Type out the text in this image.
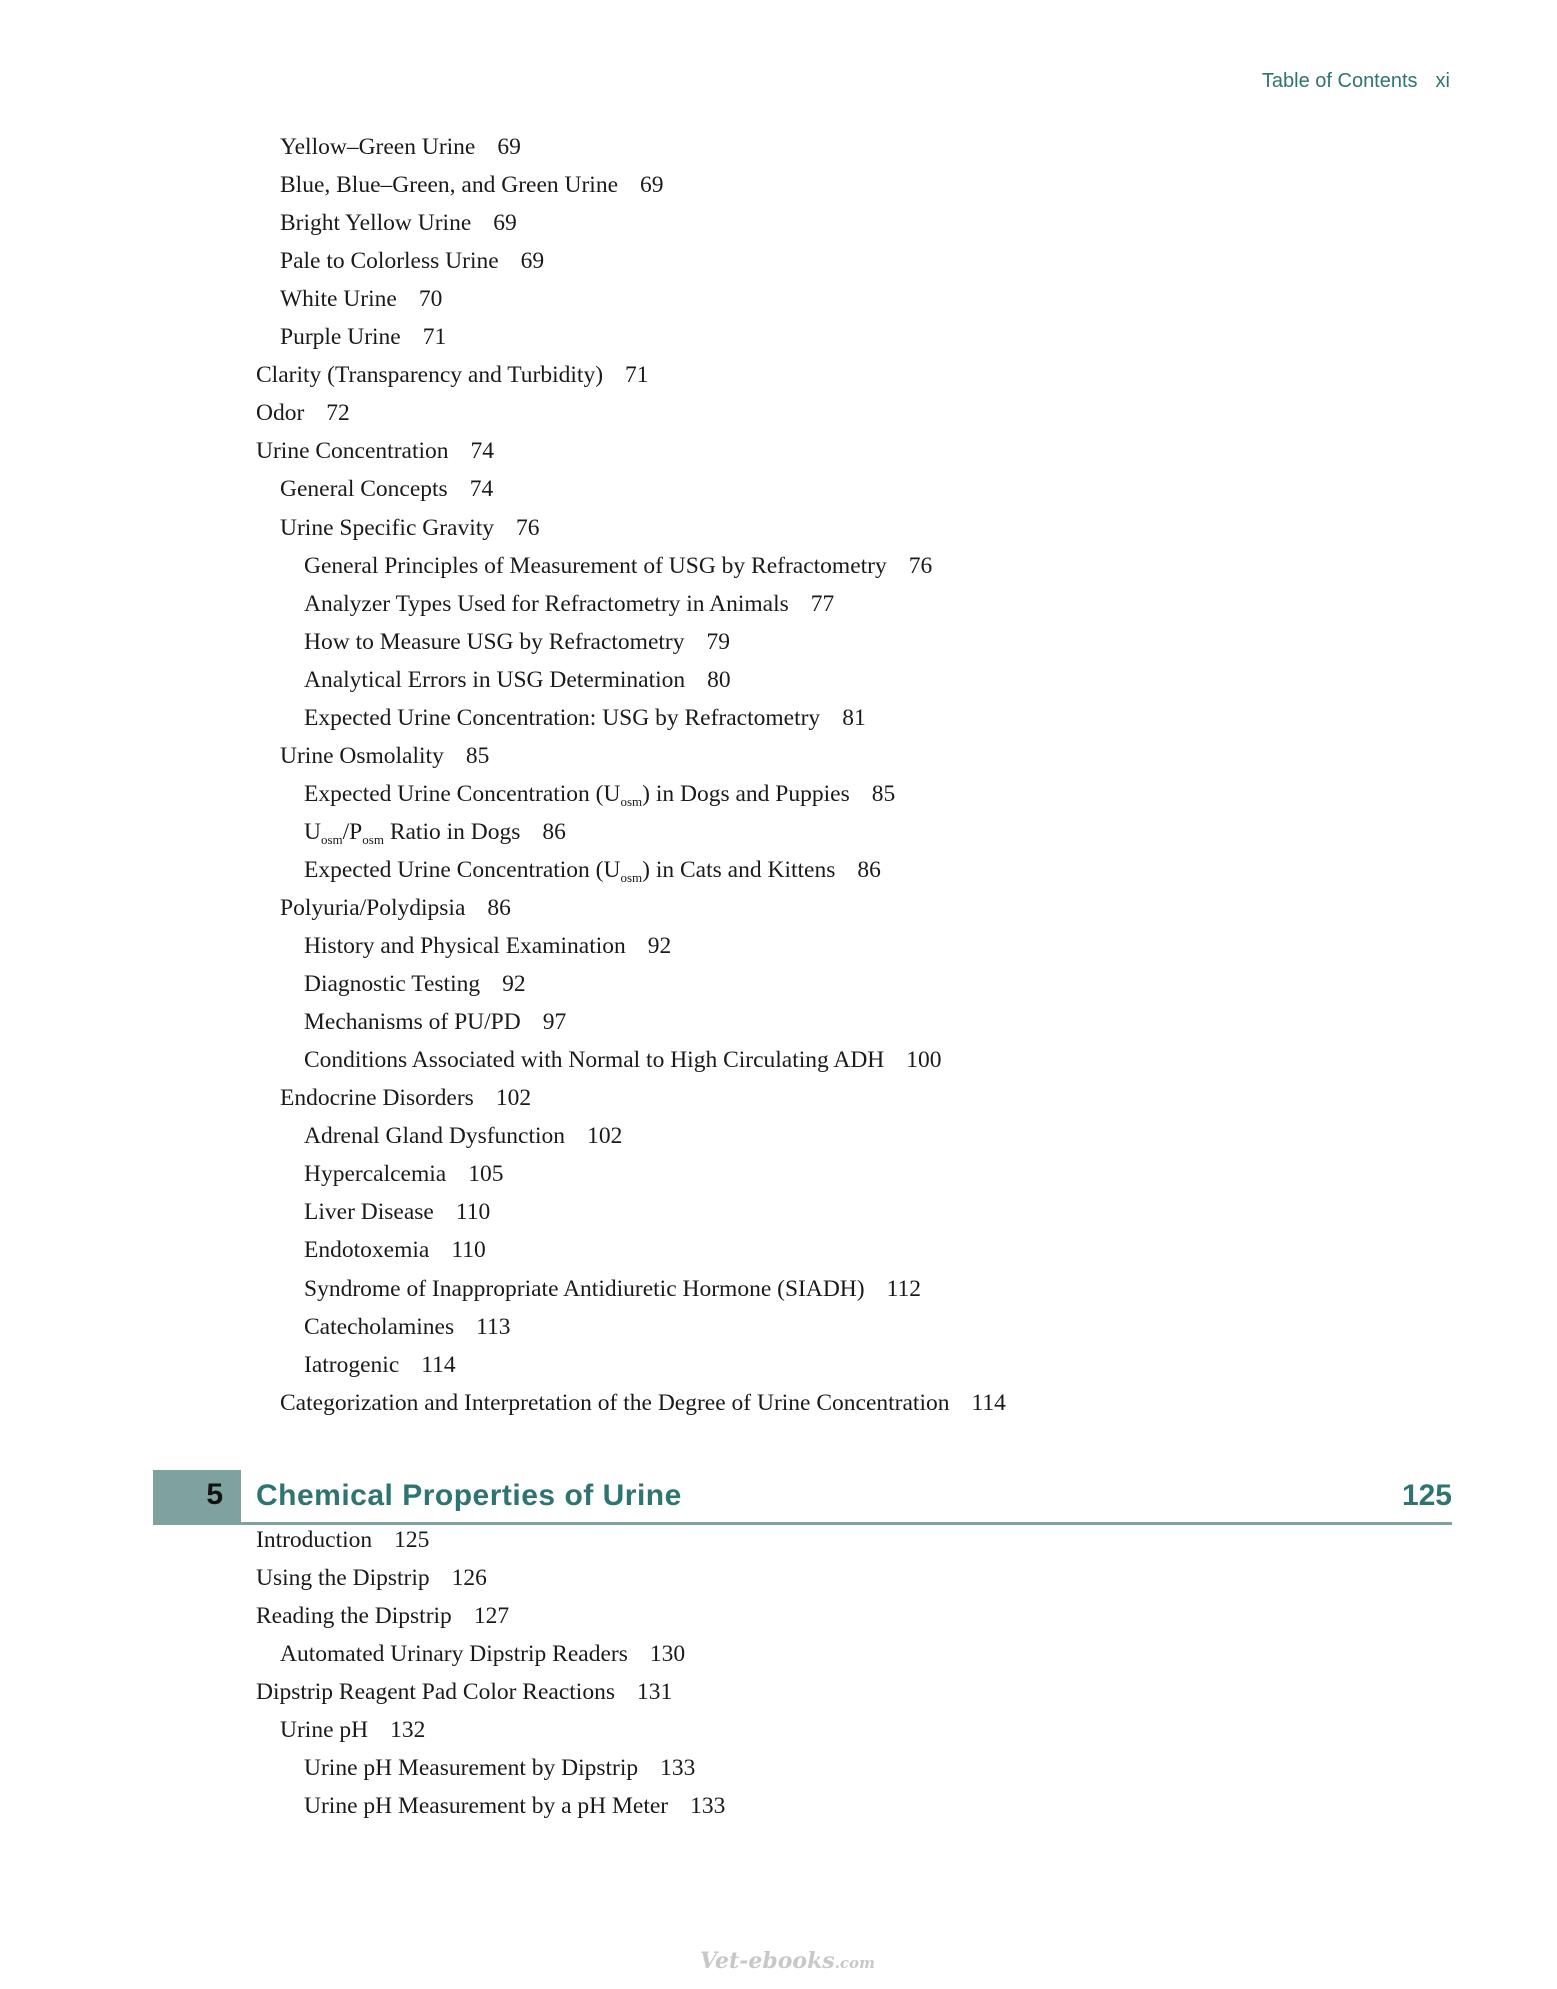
Table of Contents xi
Yellow–Green Urine 69
Blue, Blue–Green, and Green Urine 69
Bright Yellow Urine 69
Pale to Colorless Urine 69
White Urine 70
Purple Urine 71
Clarity (Transparency and Turbidity) 71
Odor 72
Urine Concentration 74
General Concepts 74
Urine Specific Gravity 76
General Principles of Measurement of USG by Refractometry 76
Analyzer Types Used for Refractometry in Animals 77
How to Measure USG by Refractometry 79
Analytical Errors in USG Determination 80
Expected Urine Concentration: USG by Refractometry 81
Urine Osmolality 85
Expected Urine Concentration $(U_{osm})$ in Dogs and Puppies 85
$U_{osm}/P_{osm}$ Ratio in Dogs 86
Expected Urine Concentration $(U_{osm})$ in Cats and Kittens 86
Polyuria/Polydipsia 86
History and Physical Examination 92
Diagnostic Testing 92
Mechanisms of PU/PD 97
Conditions Associated with Normal to High Circulating ADH 100
Endocrine Disorders 102
Adrenal Gland Dysfunction 102
Hypercalcemia 105
Liver Disease 110
Endotoxemia 110
Syndrome of Inappropriate Antidiuretic Hormone (SIADH) 112
Catecholamines 113
Iatrogenic 114
Categorization and Interpretation of the Degree of Urine Concentration 114
Introduction 125
Using the Dipstrip 126
Reading the Dipstrip 127
Automated Urinary Dipstrip Readers 130
Dipstrip Reagent Pad Color Reactions 131
Urine pH 132
Urine pH Measurement by Dipstrip 133
Urine pH Measurement by a pH Meter 133
5 Chemical Properties of Urine	125
Vet-ebooks.com
